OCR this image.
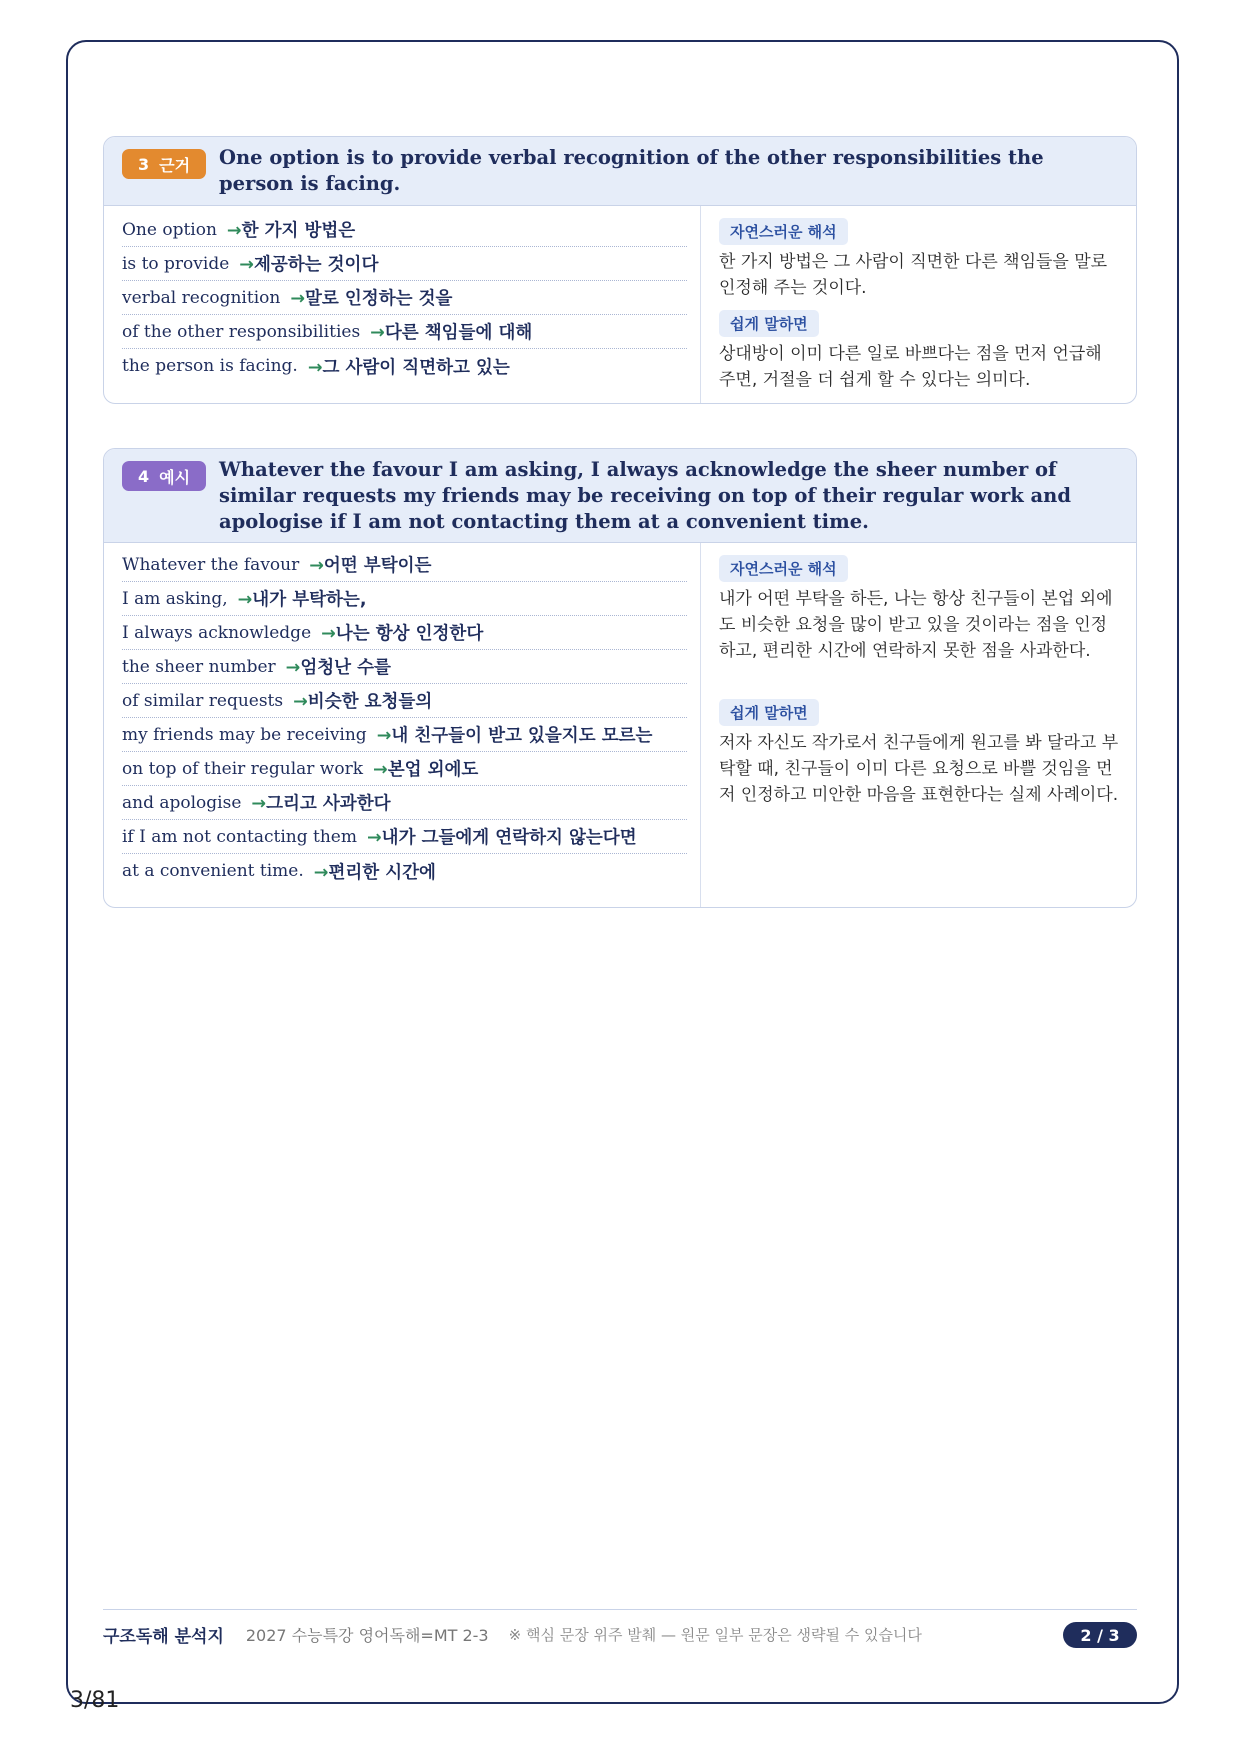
3 근거 One option is to provide verbal recognition of the other responsibilities the person is facing.
One option →한 가지 방법은
is to provide →제공하는 것이다
verbal recognition →말로 인정하는 것을
of the other responsibilities →다른 책임들에 대해
the person is facing. →그 사람이 직면하고 있는
자연스러운 해석
한 가지 방법은 그 사람이 직면한 다른 책임들을 말로 인정해 주는 것이다.
쉽게 말하면
상대방이 이미 다른 일로 바쁘다는 점을 먼저 언급해 주면, 거절을 더 쉽게 할 수 있다는 의미다.
4 예시 Whatever the favour I am asking, I always acknowledge the sheer number of similar requests my friends may be receiving on top of their regular work and apologise if I am not contacting them at a convenient time.
Whatever the favour →어떤 부탁이든
I am asking, →내가 부탁하는,
I always acknowledge →나는 항상 인정한다
the sheer number →엄청난 수를
of similar requests →비슷한 요청들의
my friends may be receiving →내 친구들이 받고 있을지도 모르는
on top of their regular work →본업 외에도
and apologise →그리고 사과한다
if I am not contacting them →내가 그들에게 연락하지 않는다면
at a convenient time. →편리한 시간에
자연스러운 해석
내가 어떤 부탁을 하든, 나는 항상 친구들이 본업 외에도 비슷한 요청을 많이 받고 있을 것이라는 점을 인정하고, 편리한 시간에 연락하지 못한 점을 사과한다.
쉽게 말하면
저자 자신도 작가로서 친구들에게 원고를 봐 달라고 부탁할 때, 친구들이 이미 다른 요청으로 바쁠 것임을 먼저 인정하고 미안한 마음을 표현한다는 실제 사례이다.
구조독해 분석지 2027 수능특강 영어독해=MT 2-3 ※ 핵심 문장 위주 발췌 — 원문 일부 문장은 생략될 수 있습니다	2 / 3
3/81
